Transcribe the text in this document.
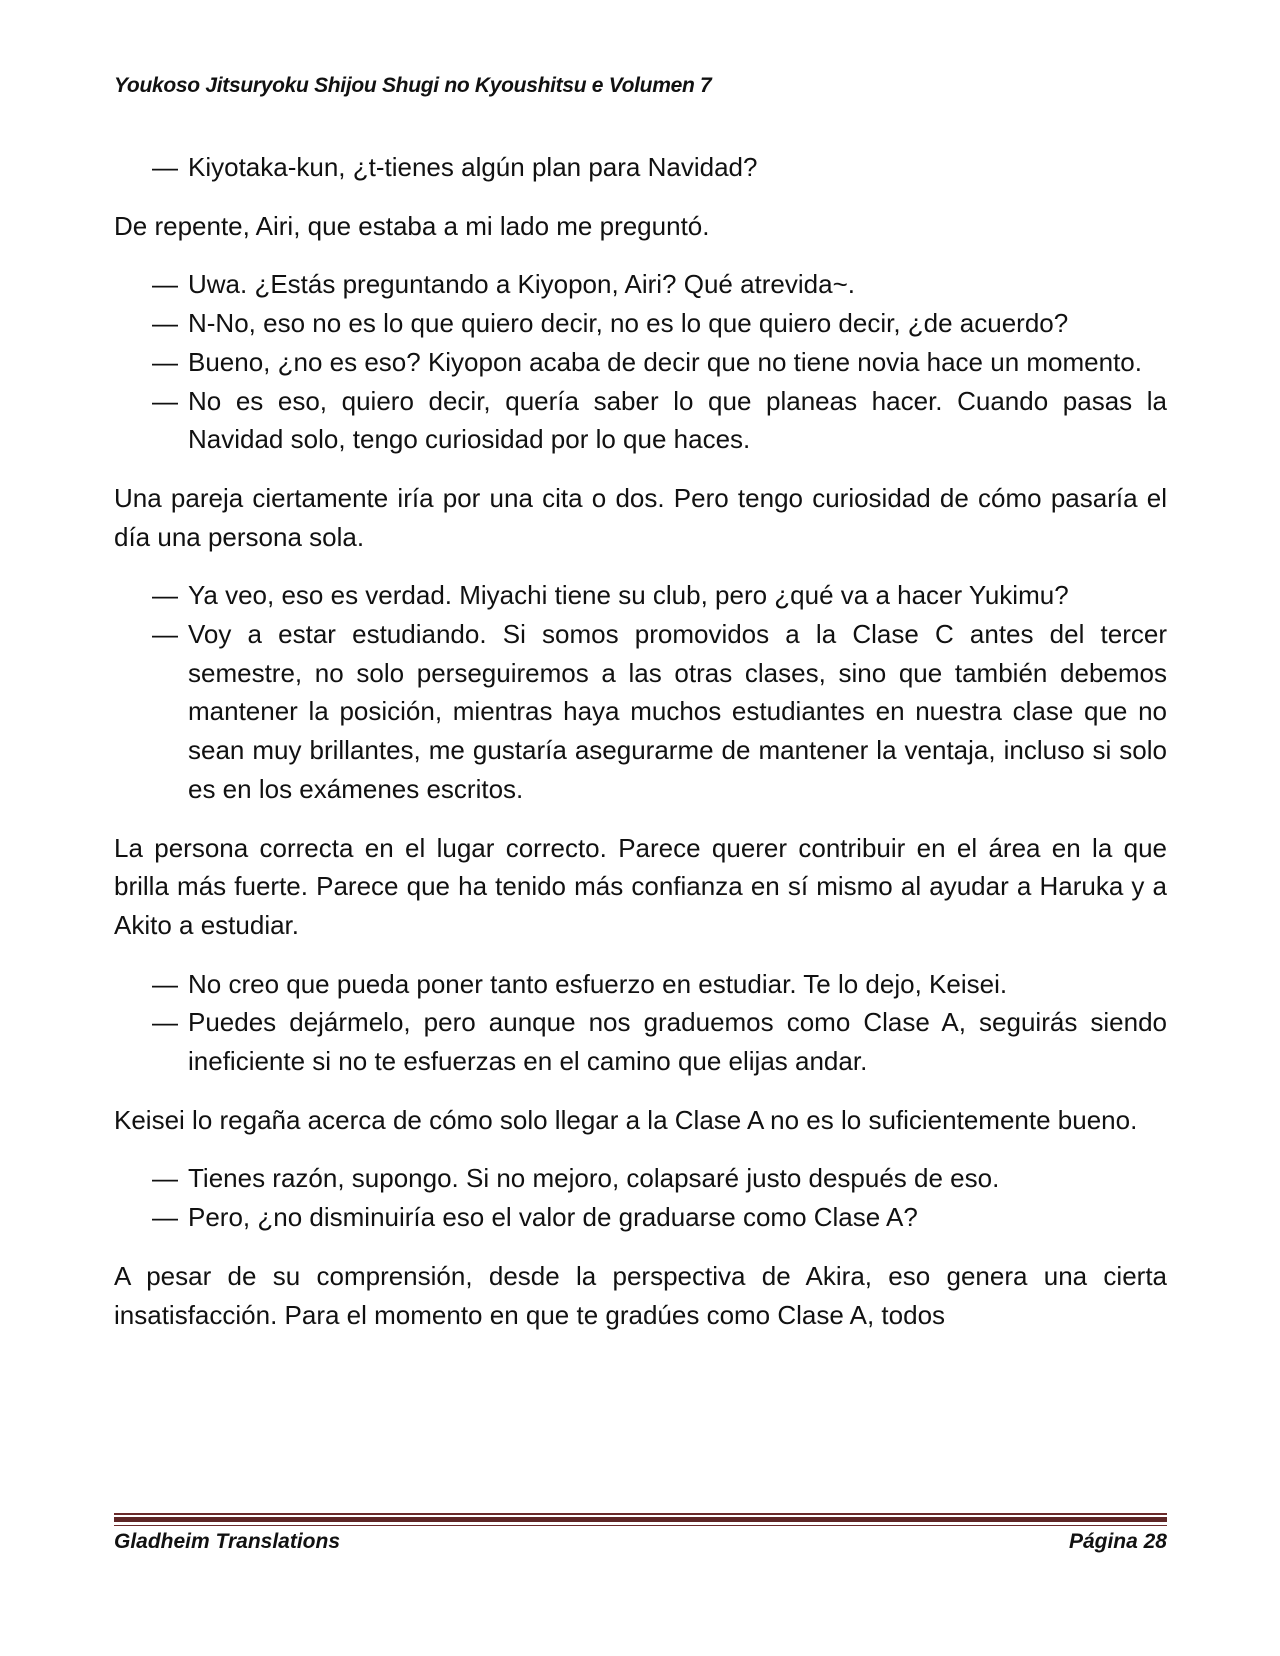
Youkoso Jitsuryoku Shijou Shugi no Kyoushitsu e Volumen 7
— Kiyotaka-kun, ¿t-tienes algún plan para Navidad?

De repente, Airi, que estaba a mi lado me preguntó.

— Uwa. ¿Estás preguntando a Kiyopon, Airi? Qué atrevida~.
— N-No, eso no es lo que quiero decir, no es lo que quiero decir, ¿de acuerdo?
— Bueno, ¿no es eso? Kiyopon acaba de decir que no tiene novia hace un momento.
— No es eso, quiero decir, quería saber lo que planeas hacer. Cuando pasas la Navidad solo, tengo curiosidad por lo que haces.

Una pareja ciertamente iría por una cita o dos. Pero tengo curiosidad de cómo pasaría el día una persona sola.

— Ya veo, eso es verdad. Miyachi tiene su club, pero ¿qué va a hacer Yukimu?
— Voy a estar estudiando. Si somos promovidos a la Clase C antes del tercer semestre, no solo perseguiremos a las otras clases, sino que también debemos mantener la posición, mientras haya muchos estudiantes en nuestra clase que no sean muy brillantes, me gustaría asegurarme de mantener la ventaja, incluso si solo es en los exámenes escritos.

La persona correcta en el lugar correcto. Parece querer contribuir en el área en la que brilla más fuerte. Parece que ha tenido más confianza en sí mismo al ayudar a Haruka y a Akito a estudiar.

— No creo que pueda poner tanto esfuerzo en estudiar. Te lo dejo, Keisei.
— Puedes dejármelo, pero aunque nos graduemos como Clase A, seguirás siendo ineficiente si no te esfuerzas en el camino que elijas andar.

Keisei lo regaña acerca de cómo solo llegar a la Clase A no es lo suficientemente bueno.

— Tienes razón, supongo. Si no mejoro, colapsaré justo después de eso.
— Pero, ¿no disminuiría eso el valor de graduarse como Clase A?

A pesar de su comprensión, desde la perspectiva de Akira, eso genera una cierta insatisfacción. Para el momento en que te gradúes como Clase A, todos

Gladheim Translations	Página 28
